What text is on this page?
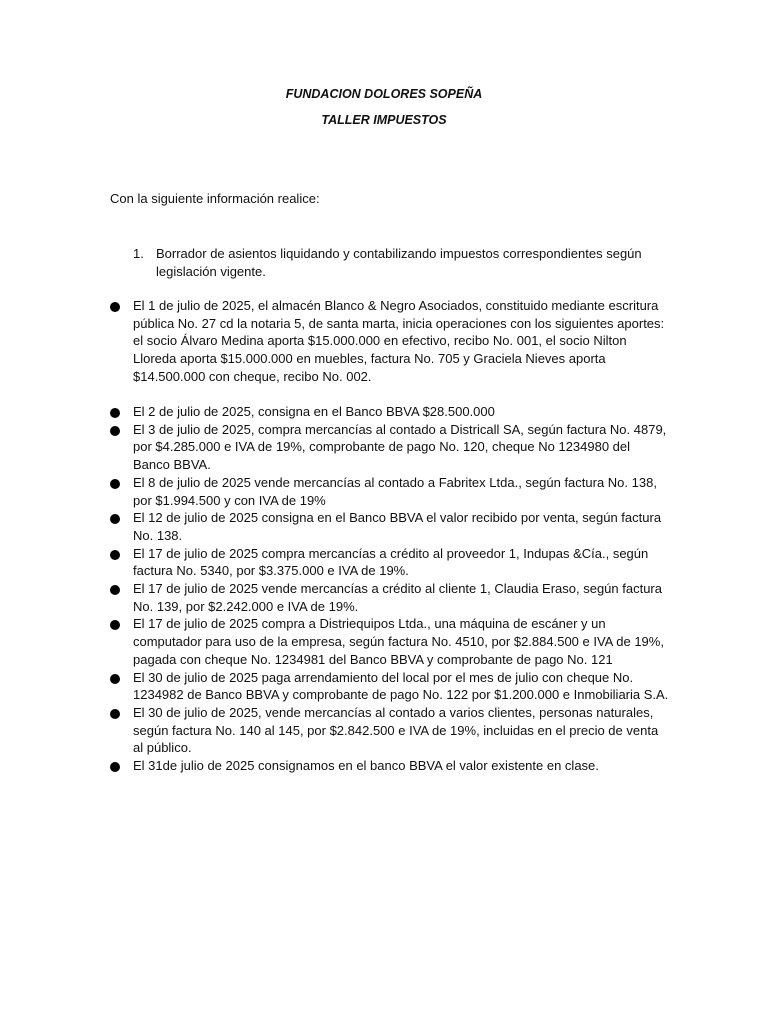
FUNDACION DOLORES SOPEÑA
TALLER IMPUESTOS
Con la siguiente información realice:
1. Borrador de asientos liquidando y contabilizando impuestos correspondientes según legislación vigente.
El 1 de julio de 2025, el almacén Blanco & Negro Asociados, constituido mediante escritura pública No. 27 cd la notaria 5, de santa marta, inicia operaciones con los siguientes aportes: el socio Álvaro Medina aporta $15.000.000 en efectivo, recibo No. 001, el socio Nilton Lloreda aporta $15.000.000 en muebles, factura No. 705 y Graciela Nieves aporta $14.500.000 con cheque, recibo No. 002.
El 2 de julio de 2025, consigna en el Banco BBVA $28.500.000
El 3 de julio de 2025, compra mercancías al contado a Districall SA, según factura No. 4879, por $4.285.000 e IVA de 19%, comprobante de pago No. 120, cheque No 1234980 del Banco BBVA.
El 8 de julio de 2025 vende mercancías al contado a Fabritex Ltda., según factura No. 138, por $1.994.500 y con IVA de 19%
El 12 de julio de 2025 consigna en el Banco BBVA el valor recibido por venta, según factura No. 138.
El 17 de julio de 2025 compra mercancías a crédito al proveedor 1, Indupas &Cía., según factura No. 5340, por $3.375.000 e IVA de 19%.
El 17 de julio de 2025 vende mercancías a crédito al cliente 1, Claudia Eraso, según factura No. 139, por $2.242.000 e IVA de 19%.
El 17 de julio de 2025 compra a Distriequipos Ltda., una máquina de escáner y un computador para uso de la empresa, según factura No. 4510, por $2.884.500 e IVA de 19%, pagada con cheque No. 1234981 del Banco BBVA y comprobante de pago No. 121
El 30 de julio de 2025 paga arrendamiento del local por el mes de julio con cheque No. 1234982 de Banco BBVA y comprobante de pago No. 122 por $1.200.000 e Inmobiliaria S.A.
El 30 de julio de 2025, vende mercancías al contado a varios clientes, personas naturales, según factura No. 140 al 145, por $2.842.500 e IVA de 19%, incluidas en el precio de venta al público.
El 31de julio de 2025 consignamos en el banco BBVA el valor existente en clase.
